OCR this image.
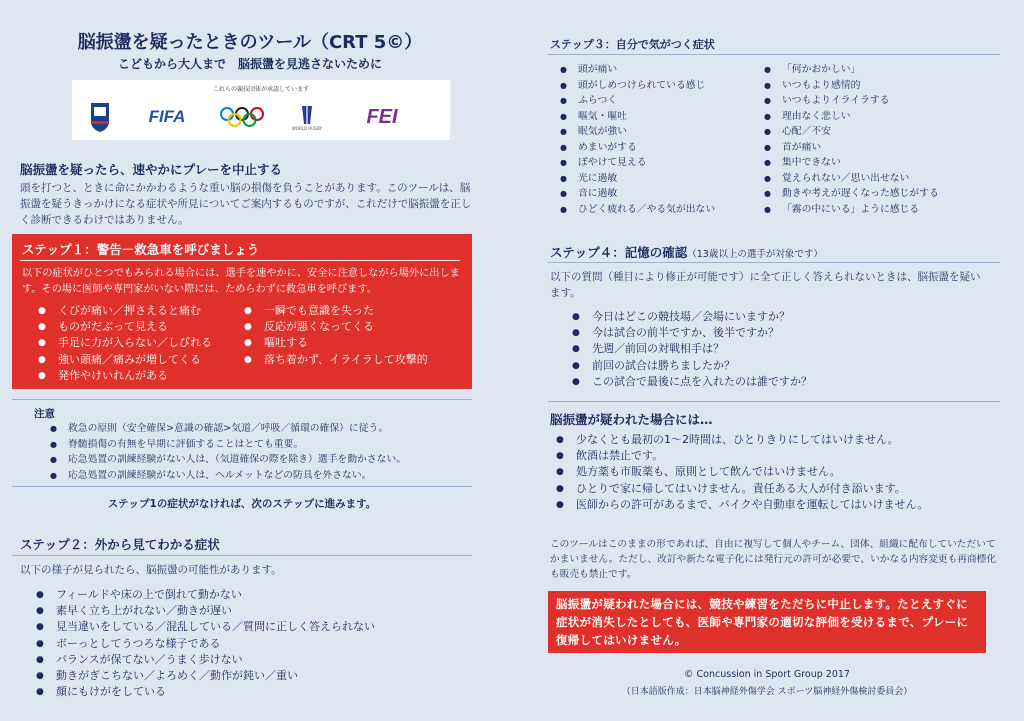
脳振盪を疑ったときのツール（CRT 5©）
こどもから大人まで　脳振盪を見逃さないために
これらの競技団体が承認しています
FIFA
WORLD RUGBY
FEI
脳振盪を疑ったら、速やかにプレーを中止する
頭を打つと、ときに命にかかわるような重い脳の損傷を負うことがあります。このツールは、脳振盪を疑うきっかけになる症状や所見についてご案内するものですが、これだけで脳振盪を正しく診断できるわけではありません。
ステップ１：警告－救急車を呼びましょう
以下の症状がひとつでもみられる場合には、選手を速やかに、安全に注意しながら場外に出します。その場に医師や専門家がいない際には、ためらわずに救急車を呼びます。
● くびが痛い／押さえると痛む
● ものがだぶって見える
● 手足に力が入らない／しびれる
● 強い頭痛／痛みが増してくる
● 発作やけいれんがある
● 一瞬でも意識を失った
● 反応が悪くなってくる
● 嘔吐する
● 落ち着かず、イライラして攻撃的
注意
● 救急の原則（安全確保>意識の確認>気道／呼吸／循環の確保）に従う。
● 脊髄損傷の有無を早期に評価することはとても重要。
● 応急処置の訓練経験がない人は、（気道確保の際を除き）選手を動かさない。
● 応急処置の訓練経験がない人は、ヘルメットなどの防具を外さない。
ステップ1の症状がなければ、次のステップに進みます。
ステップ２：外から見てわかる症状
以下の様子が見られたら、脳振盪の可能性があります。
● フィールドや床の上で倒れて動かない
● 素早く立ち上がれない／動きが遅い
● 見当違いをしている／混乱している／質問に正しく答えられない
● ボーっとしてうつろな様子である
● バランスが保てない／うまく歩けない
● 動きがぎこちない／よろめく／動作が鈍い／重い
● 顔にもけがをしている
ステップ３：自分で気がつく症状
● 頭が痛い
● 頭がしめつけられている感じ
● ふらつく
● 嘔気・嘔吐
● 眠気が強い
● めまいがする
● ぼやけて見える
● 光に過敏
● 音に過敏
● ひどく疲れる／やる気が出ない
● 「何かおかしい」
● いつもより感情的
● いつもよりイライラする
● 理由なく悲しい
● 心配／不安
● 首が痛い
● 集中できない
● 覚えられない／思い出せない
● 動きや考えが遅くなった感じがする
● 「霧の中にいる」ように感じる
ステップ４：記憶の確認（13歳以上の選手が対象です）
以下の質問（種目により修正が可能です）に全て正しく答えられないときは、脳振盪を疑います。
● 今日はどこの競技場／会場にいますか？
● 今は試合の前半ですか、後半ですか？
● 先週／前回の対戦相手は？
● 前回の試合は勝ちましたか？
● この試合で最後に点を入れたのは誰ですか？
脳振盪が疑われた場合には…
● 少なくとも最初の1～2時間は、ひとりきりにしてはいけません。
● 飲酒は禁止です。
● 処方薬も市販薬も、原則として飲んではいけません。
● ひとりで家に帰してはいけません。責任ある大人が付き添います。
● 医師からの許可があるまで、バイクや自動車を運転してはいけません。
このツールはこのままの形であれば、自由に複写して個人やチーム、団体、組織に配布していただいてかまいません。ただし、改訂や新たな電子化には発行元の許可が必要で、いかなる内容変更も再商標化も販売も禁止です。
脳振盪が疑われた場合には、競技や練習をただちに中止します。たとえすぐに症状が消失したとしても、医師や専門家の適切な評価を受けるまで、プレーに復帰してはいけません。
© Concussion in Sport Group 2017
（日本語版作成：日本脳神経外傷学会 スポーツ脳神経外傷検討委員会）
